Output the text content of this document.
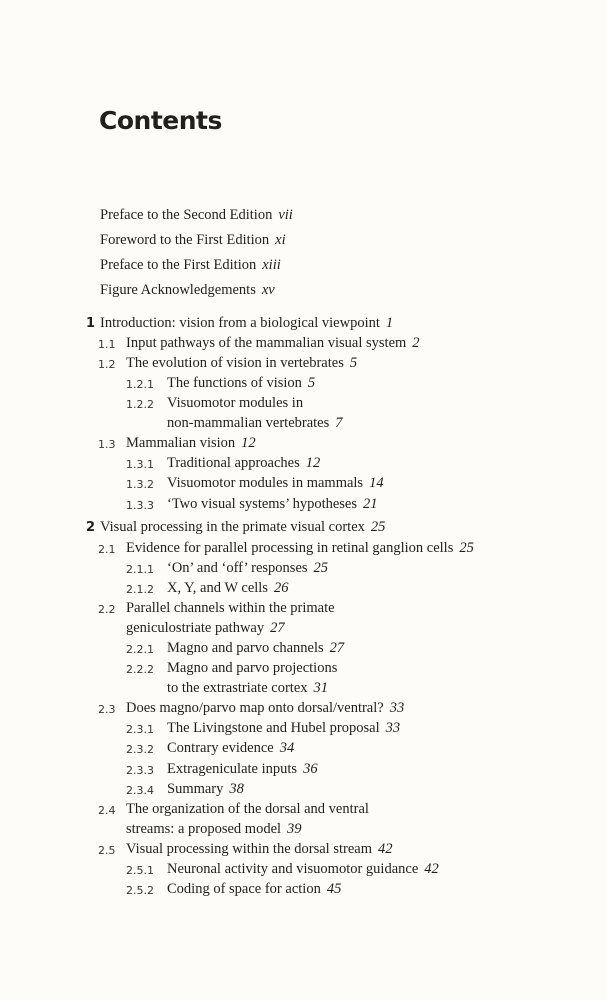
Contents
Preface to the Second Edition vii
Foreword to the First Edition xi
Preface to the First Edition xiii
Figure Acknowledgements xv
1 Introduction: vision from a biological viewpoint 1
1.1 Input pathways of the mammalian visual system 2
1.2 The evolution of vision in vertebrates 5
1.2.1 The functions of vision 5
1.2.2 Visuomotor modules in
non-mammalian vertebrates 7
1.3 Mammalian vision 12
1.3.1 Traditional approaches 12
1.3.2 Visuomotor modules in mammals 14
1.3.3 ‘Two visual systems’ hypotheses 21
2 Visual processing in the primate visual cortex 25
2.1 Evidence for parallel processing in retinal ganglion cells 25
2.1.1 ‘On’ and ‘off’ responses 25
2.1.2 X, Y, and W cells 26
2.2 Parallel channels within the primate
geniculostriate pathway 27
2.2.1 Magno and parvo channels 27
2.2.2 Magno and parvo projections
to the extrastriate cortex 31
2.3 Does magno/parvo map onto dorsal/ventral? 33
2.3.1 The Livingstone and Hubel proposal 33
2.3.2 Contrary evidence 34
2.3.3 Extrageniculate inputs 36
2.3.4 Summary 38
2.4 The organization of the dorsal and ventral
streams: a proposed model 39
2.5 Visual processing within the dorsal stream 42
2.5.1 Neuronal activity and visuomotor guidance 42
2.5.2 Coding of space for action 45
